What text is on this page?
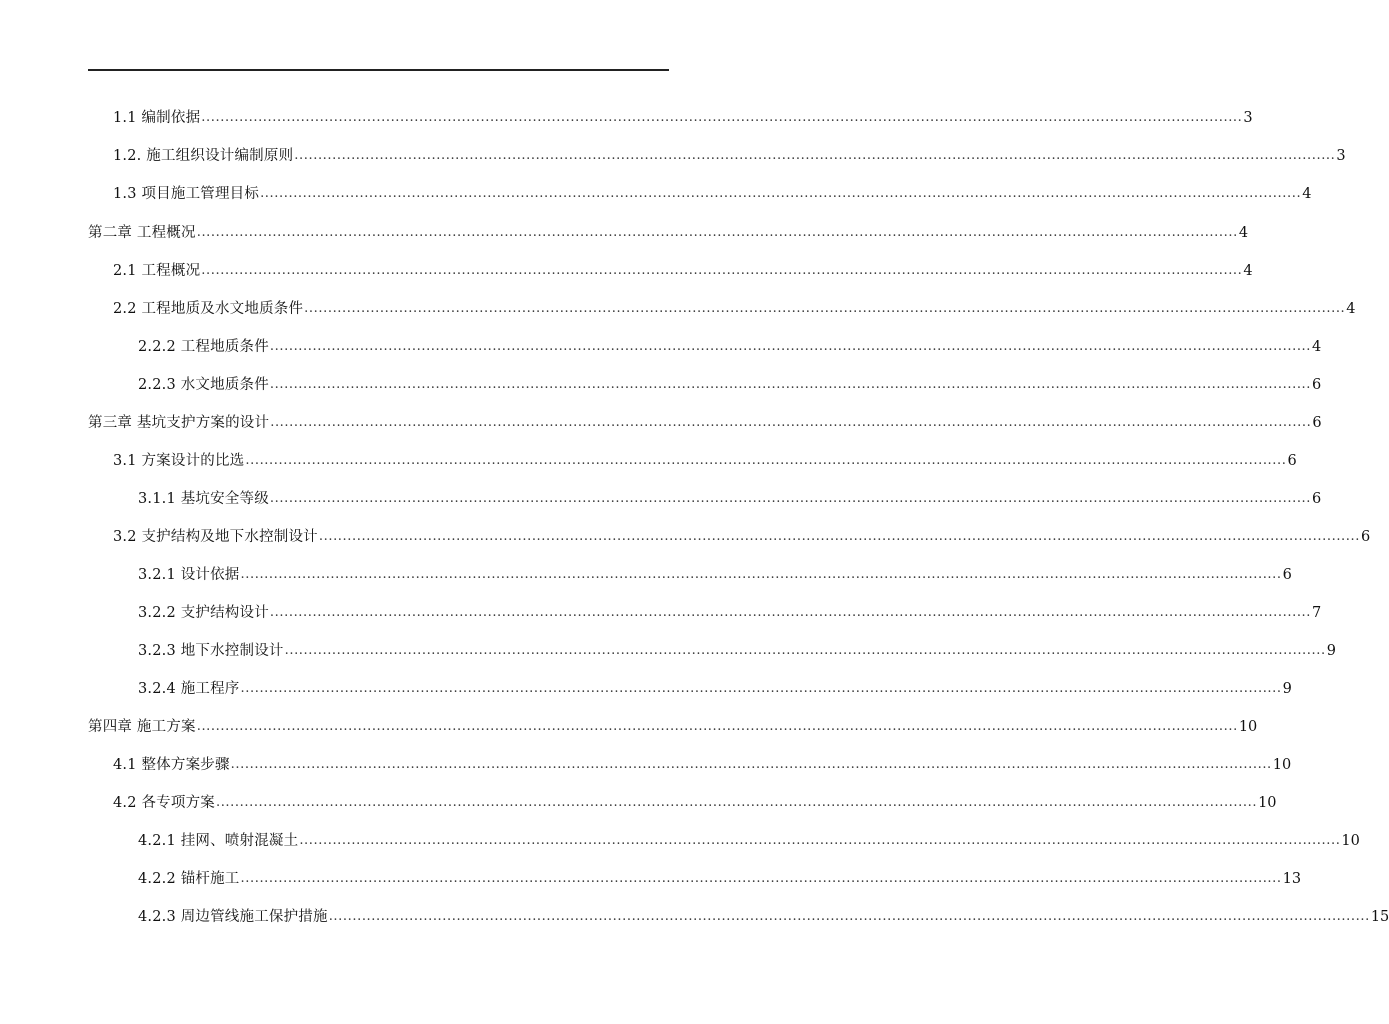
1.1 编制依据 ............................................................................................................................................................................................................................ 3
1.2. 施工组织设计编制原则 ............................................................................................................................................................................................................................ 3
1.3 项目施工管理目标 ............................................................................................................................................................................................................................ 4
第二章 工程概况 ............................................................................................................................................................................................................................ 4
2.1 工程概况 ............................................................................................................................................................................................................................ 4
2.2 工程地质及水文地质条件 ............................................................................................................................................................................................................................ 4
2.2.2 工程地质条件 ............................................................................................................................................................................................................................ 4
2.2.3 水文地质条件 ............................................................................................................................................................................................................................ 6
第三章 基坑支护方案的设计 ............................................................................................................................................................................................................................ 6
3.1 方案设计的比选 ............................................................................................................................................................................................................................ 6
3.1.1 基坑安全等级 ............................................................................................................................................................................................................................ 6
3.2 支护结构及地下水控制设计 ............................................................................................................................................................................................................................ 6
3.2.1 设计依据 ............................................................................................................................................................................................................................ 6
3.2.2 支护结构设计 ............................................................................................................................................................................................................................ 7
3.2.3 地下水控制设计 ............................................................................................................................................................................................................................ 9
3.2.4 施工程序 ............................................................................................................................................................................................................................ 9
第四章 施工方案 ............................................................................................................................................................................................................................ 10
4.1 整体方案步骤 ............................................................................................................................................................................................................................ 10
4.2 各专项方案 ............................................................................................................................................................................................................................ 10
4.2.1 挂网、喷射混凝土 ............................................................................................................................................................................................................................ 10
4.2.2 锚杆施工 ............................................................................................................................................................................................................................ 13
4.2.3 周边管线施工保护措施 ............................................................................................................................................................................................................................ 15
